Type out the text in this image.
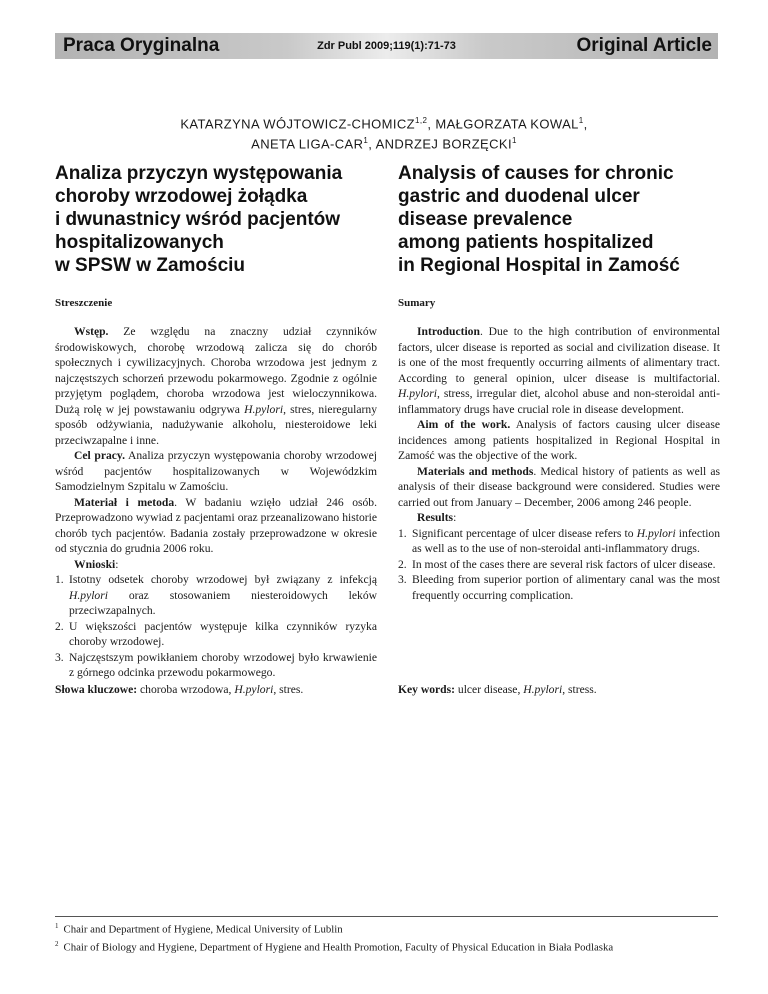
Praca Oryginalna	Zdr Publ 2009;119(1):71-73	Original Article
KATARZYNA WÓJTOWICZ-CHOMICZ$^{1,2}$, MAŁGORZATA KOWAL$^1$,
ANETA LIGA-CAR$^1$, ANDRZEJ BORZĘCKI$^1$
Analiza przyczyn występowania
choroby wrzodowej żołądka
i dwunastnicy wśród pacjentów
hospitalizowanych
w SPSW w Zamościu
Analysis of causes for chronic
gastric and duodenal ulcer
disease prevalence
among patients hospitalized
in Regional Hospital in Zamość
Streszczenie	Sumary

Wstęp. Ze względu na znaczny udział czynników środowiskowych, chorobę wrzodową zalicza się do chorób społecznych i cywilizacyjnych. Choroba wrzodowa jest jednym z najczęstszych schorzeń przewodu pokarmowego. Zgodnie z ogólnie przyjętym poglądem, choroba wrzodowa jest wieloczynnikowa. Dużą rolę w jej powstawaniu odgrywa H.pylori, stres, nieregularny sposób odżywiania, nadużywanie alkoholu, niesteroidowe leki przeciwzapalne i inne.

Cel pracy. Analiza przyczyn występowania choroby wrzodowej wśród pacjentów hospitalizowanych w Wojewódzkim Samodzielnym Szpitalu w Zamościu.

Materiał i metoda. W badaniu wzięło udział 246 osób. Przeprowadzono wywiad z pacjentami oraz przeanalizowano historie chorób tych pacjentów. Badania zostały przeprowadzone w okresie od stycznia do grudnia 2006 roku.

Wnioski:

1. Istotny odsetek choroby wrzodowej był związany z infekcją H.pylori oraz stosowaniem niesteroidowych leków przeciwzapalnych.
2. U większości pacjentów występuje kilka czynników ryzyka choroby wrzodowej.
3. Najczęstszym powikłaniem choroby wrzodowej było krwawienie z górnego odcinka przewodu pokarmowego.

Introduction. Due to the high contribution of environmental factors, ulcer disease is reported as social and civilization disease. It is one of the most frequently occurring ailments of alimentary tract. According to general opinion, ulcer disease is multifactorial. H.pylori, stress, irregular diet, alcohol abuse and non-steroidal anti-inflammatory drugs have crucial role in disease development.

Aim of the work. Analysis of factors causing ulcer disease incidences among patients hospitalized in Regional Hospital in Zamość was the objective of the work.

Materials and methods. Medical history of patients as well as analysis of their disease background were considered. Studies were carried out from January – December, 2006 among 246 people.

Results:

1. Significant percentage of ulcer disease refers to H.pylori infection as well as to the use of non-steroidal anti-inflammatory drugs.
2. In most of the cases there are several risk factors of ulcer disease.
3. Bleeding from superior portion of alimentary canal was the most frequently occurring complication.
Słowa kluczowe: choroba wrzodowa, H.pylori, stres.	Key words: ulcer disease, H.pylori, stress.
$^1$ Chair and Department of Hygiene, Medical University of Lublin
$^2$ Chair of Biology and Hygiene, Department of Hygiene and Health Promotion, Faculty of Physical Education in Biała Podlaska
